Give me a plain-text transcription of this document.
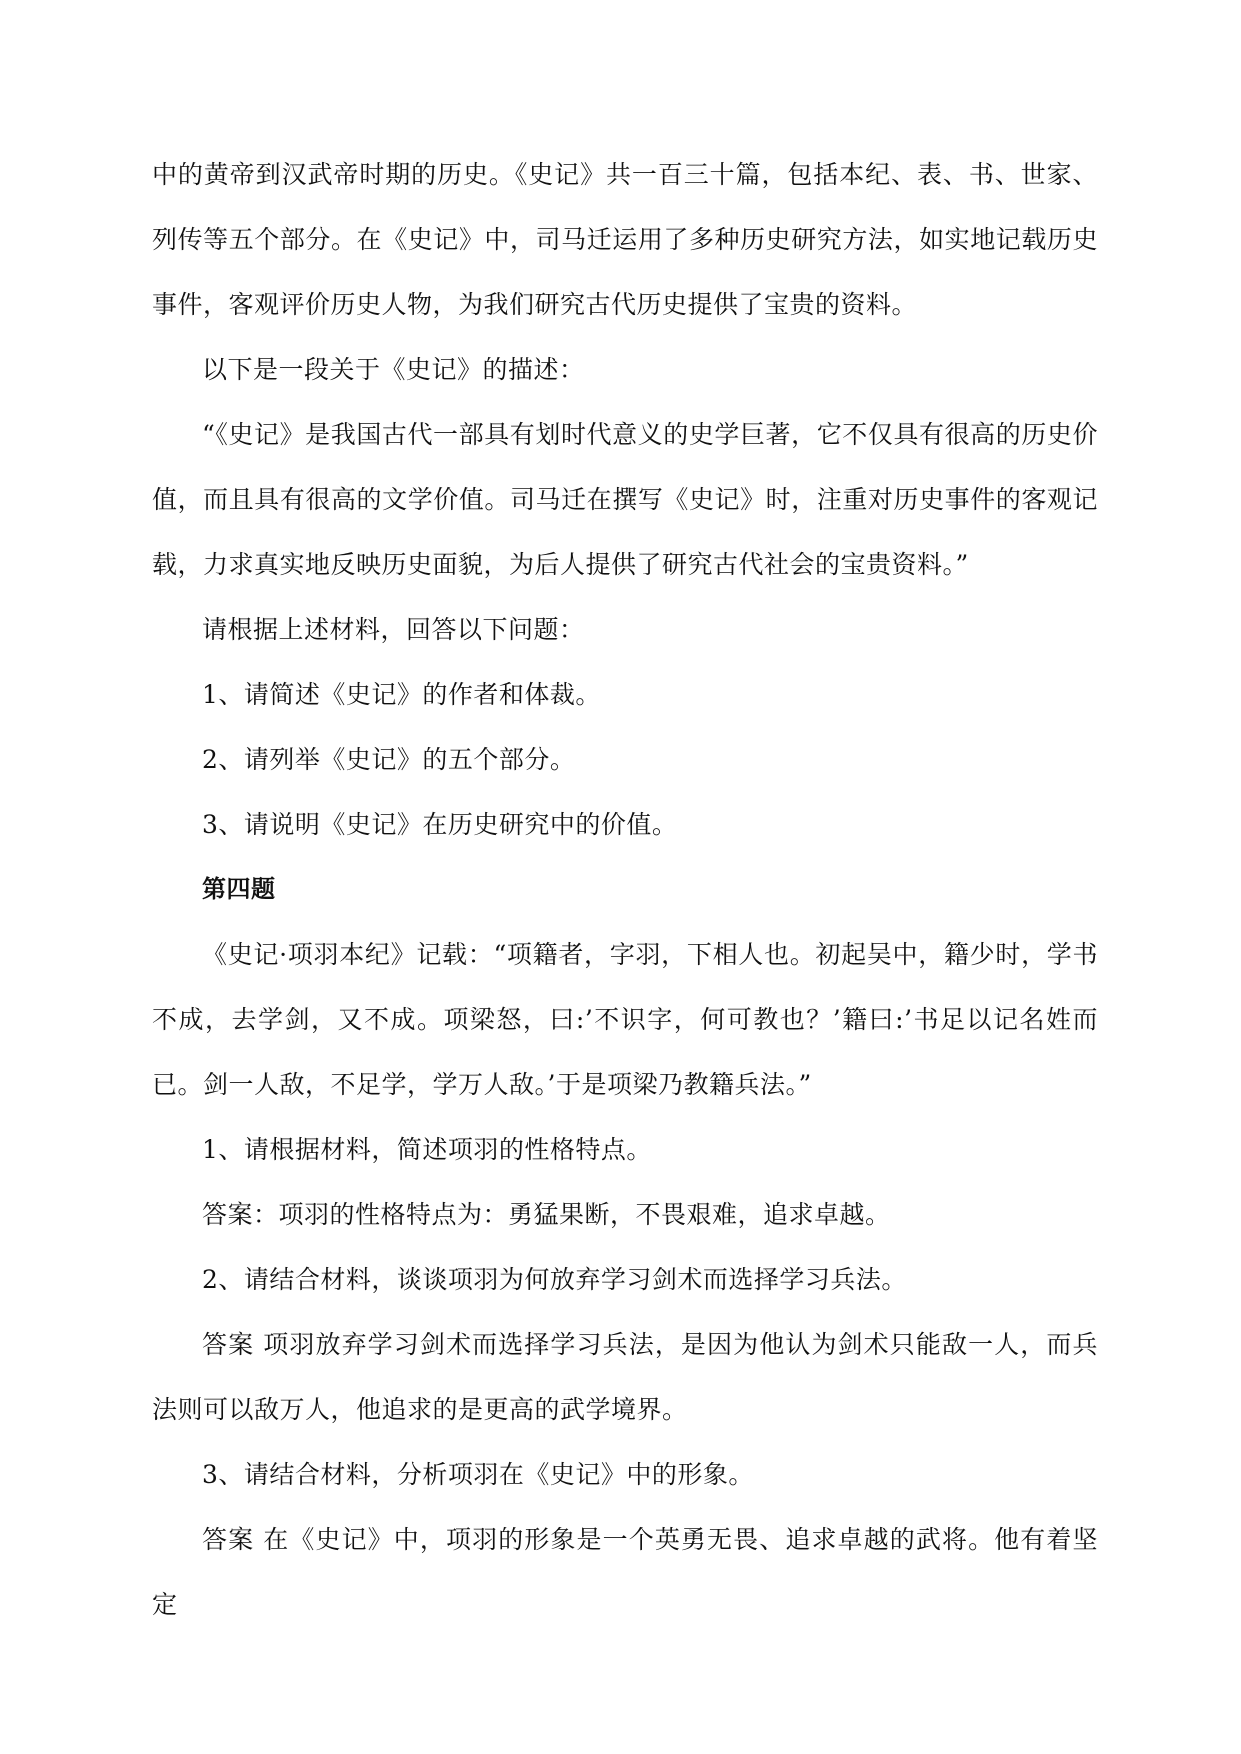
中的黄帝到汉武帝时期的历史。《史记》共一百三十篇，包括本纪、表、书、世家、列传等五个部分。在《史记》中，司马迁运用了多种历史研究方法，如实地记载历史事件，客观评价历史人物，为我们研究古代历史提供了宝贵的资料。

以下是一段关于《史记》的描述：

“《史记》是我国古代一部具有划时代意义的史学巨著，它不仅具有很高的历史价值，而且具有很高的文学价值。司马迁在撰写《史记》时，注重对历史事件的客观记载，力求真实地反映历史面貌，为后人提供了研究古代社会的宝贵资料。”

请根据上述材料，回答以下问题：

1、请简述《史记》的作者和体裁。

2、请列举《史记》的五个部分。

3、请说明《史记》在历史研究中的价值。

第四题

《史记·项羽本纪》记载：“项籍者，字羽，下相人也。初起吴中，籍少时，学书不成，去学剑，又不成。项梁怒，曰:’不识字，何可教也？’籍曰:’书足以记名姓而已。剑一人敌，不足学，学万人敌。’于是项梁乃教籍兵法。”

1、请根据材料，简述项羽的性格特点。

答案：项羽的性格特点为：勇猛果断，不畏艰难，追求卓越。

2、请结合材料，谈谈项羽为何放弃学习剑术而选择学习兵法。

答案 项羽放弃学习剑术而选择学习兵法，是因为他认为剑术只能敌一人，而兵法则可以敌万人，他追求的是更高的武学境界。

3、请结合材料，分析项羽在《史记》中的形象。

答案 在《史记》中，项羽的形象是一个英勇无畏、追求卓越的武将。他有着坚定
